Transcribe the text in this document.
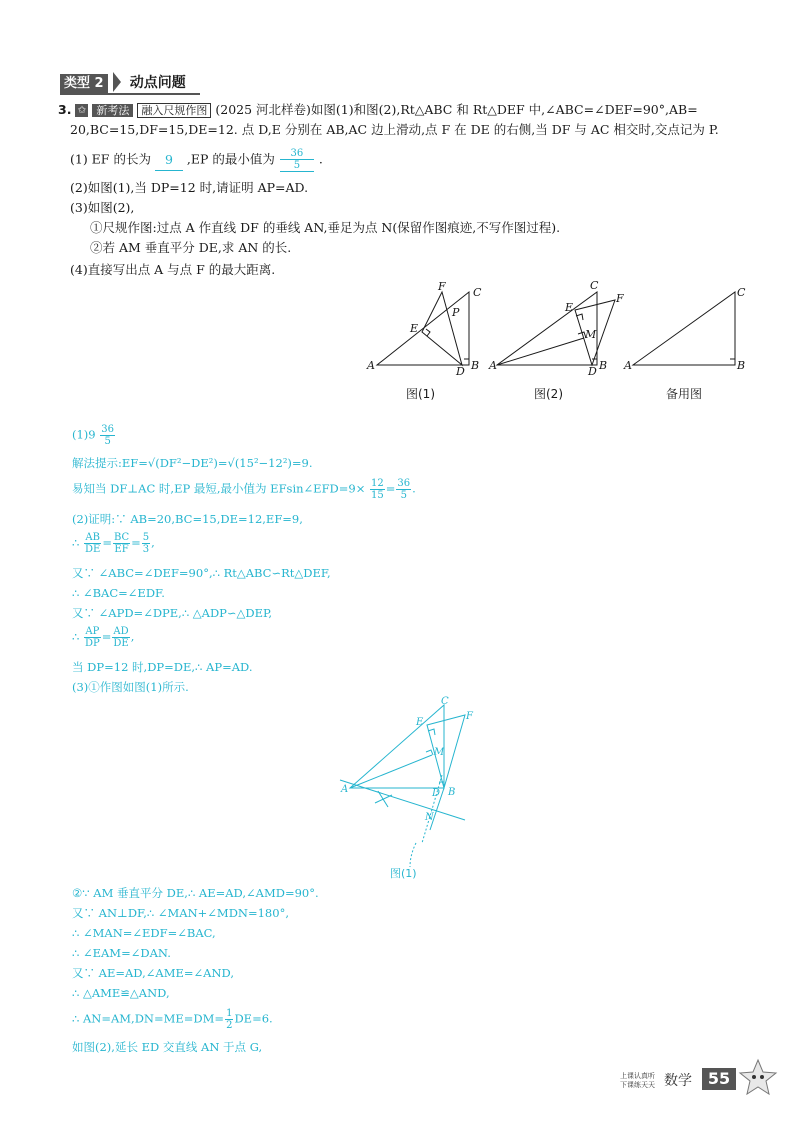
类型 2 动点问题
3. ✩ 新考法 融入尺规作图 (2025 河北样卷)如图(1)和图(2),Rt△ABC 和 Rt△DEF 中,∠ABC=∠DEF=90°,AB=
20,BC=15,DF=15,DE=12. 点 D,E 分别在 AB,AC 边上滑动,点 F 在 DE 的右侧,当 DF 与 AC 相交时,交点记为 P.
(1) EF 的长为 9 ,EP 的最小值为 $\frac{36}{5}$ .
(2)如图(1),当 DP=12 时,请证明 AP=AD.
(3)如图(2),
①尺规作图:过点 A 作直线 DF 的垂线 AN,垂足为点 N(保留作图痕迹,不写作图过程).
②若 AM 垂直平分 DE,求 AN 的长.
(4)直接写出点 A 与点 F 的最大距离.
A	B
C
D
E
F
P
A	B
C
D
E
F
M
A	B
C
图(1)	图(2)	备用图
$(1)9 \frac{36}{5}$
解法提示:EF=√(DF²−DE²)=√(15²−12²)=9.
易知当 DF⊥AC 时,EP 最短,最小值为 EFsin∠EFD=9× $\frac{12}{15} = \frac{36}{5}$ .
(2)证明:∵ AB=20,BC=15,DE=12,EF=9,
∴ $\frac{AB}{DE} = \frac{BC}{EF} = \frac{5}{3}$ ,
又∵ ∠ABC=∠DEF=90°,∴ Rt△ABC∽Rt△DEF,
∴ ∠BAC=∠EDF.
又∵ ∠APD=∠DPE,∴ △ADP∽△DEP,
∴ $\frac{AP}{DP} = \frac{AD}{DE}$ ,
当 DP=12 时,DP=DE,∴ AP=AD.
(3)①作图如图(1)所示.
A	B
C
D
E
F
M
N
图(1)
②∵ AM 垂直平分 DE,∴ AE=AD,∠AMD=90°.
又∵ AN⊥DF,∴ ∠MAN+∠MDN=180°,
∴ ∠MAN=∠EDF=∠BAC,
∴ ∠EAM=∠DAN.
又∵ AE=AD,∠AME=∠AND,
∴ △AME≌△AND,
∴ $AN=AM,DN=ME=DM= \frac{1}{2} DE=6$.
如图(2),延长 ED 交直线 AN 于点 G,
上课认真听
下课练天天 数学 55
